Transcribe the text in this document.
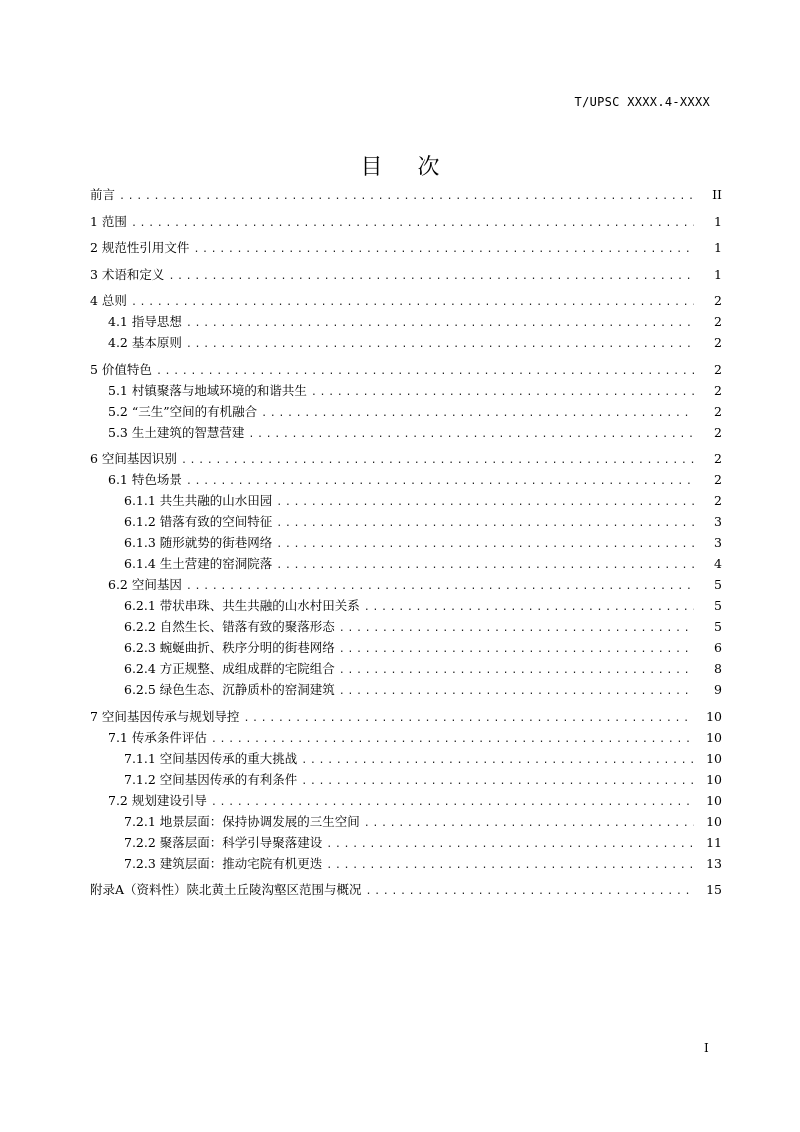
T/UPSC XXXX.4-XXXX
目 次
前言 .....	II
1 范围 .....	1
2 规范性引用文件 .....	1
3 术语和定义 .....	1
4 总则 .....	2
4.1 指导思想 .....	2
4.2 基本原则 .....	2
5 价值特色 .....	2
5.1 村镇聚落与地域环境的和谐共生 .....	2
5.2 “三生”空间的有机融合 .....	2
5.3 生土建筑的智慧营建 .....	2
6 空间基因识别 .....	2
6.1 特色场景 .....	2
6.1.1 共生共融的山水田园 .....	2
6.1.2 错落有致的空间特征 .....	3
6.1.3 随形就势的街巷网络 .....	3
6.1.4 生土营建的窑洞院落 .....	4
6.2 空间基因 .....	5
6.2.1 带状串珠、共生共融的山水村田关系 .....	5
6.2.2 自然生长、错落有致的聚落形态 .....	5
6.2.3 蜿蜒曲折、秩序分明的街巷网络 .....	6
6.2.4 方正规整、成组成群的宅院组合 .....	8
6.2.5 绿色生态、沉静质朴的窑洞建筑 .....	9
7 空间基因传承与规划导控 .....	10
7.1 传承条件评估 .....	10
7.1.1 空间基因传承的重大挑战 .....	10
7.1.2 空间基因传承的有利条件 .....	10
7.2 规划建设引导 .....	10
7.2.1 地景层面：保持协调发展的三生空间 .....	10
7.2.2 聚落层面：科学引导聚落建设 .....	11
7.2.3 建筑层面：推动宅院有机更迭 .....	13
附录A（资料性）陕北黄土丘陵沟壑区范围与概况 .....	15
I
